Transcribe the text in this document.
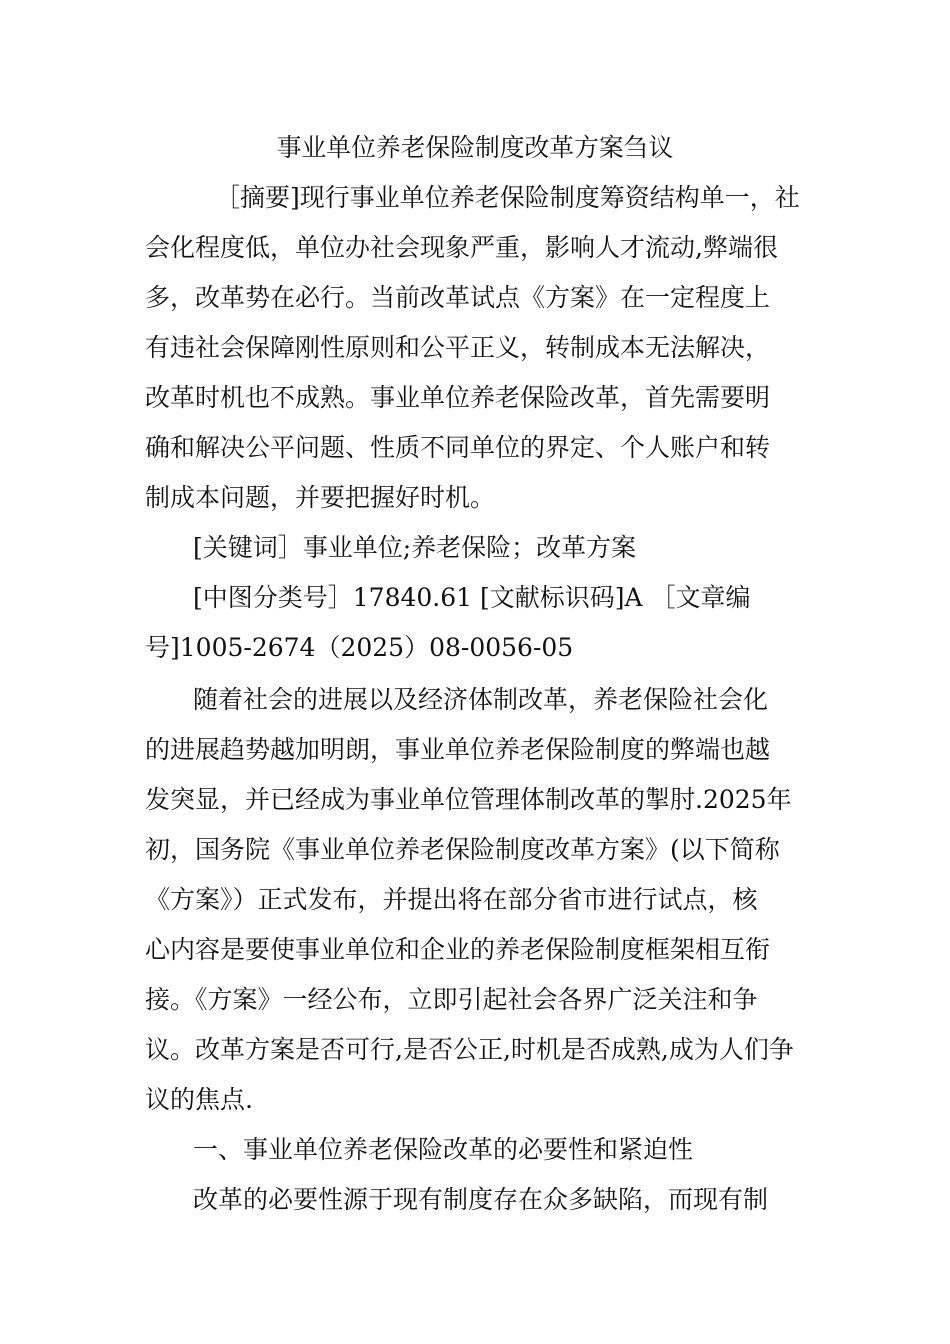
事业单位养老保险制度改革方案刍议
［摘要]现行事业单位养老保险制度筹资结构单一，社
会化程度低，单位办社会现象严重，影响人才流动,弊端很
多，改革势在必行。当前改革试点《方案》在一定程度上
有违社会保障刚性原则和公平正义，转制成本无法解决，
改革时机也不成熟。事业单位养老保险改革，首先需要明
确和解决公平问题、性质不同单位的界定、个人账户和转
制成本问题，并要把握好时机。
[关键词］事业单位;养老保险；改革方案
[中图分类号］17840.61 [文献标识码]A ［文章编
号]1005-2674（2025）08-0056-05
随着社会的进展以及经济体制改革，养老保险社会化
的进展趋势越加明朗，事业单位养老保险制度的弊端也越
发突显，并已经成为事业单位管理体制改革的掣肘.2025年
初，国务院《事业单位养老保险制度改革方案》(以下简称
《方案》）正式发布，并提出将在部分省市进行试点，核
心内容是要使事业单位和企业的养老保险制度框架相互衔
接。《方案》一经公布，立即引起社会各界广泛关注和争
议。改革方案是否可行,是否公正,时机是否成熟,成为人们争
议的焦点.
一、事业单位养老保险改革的必要性和紧迫性
改革的必要性源于现有制度存在众多缺陷，而现有制
